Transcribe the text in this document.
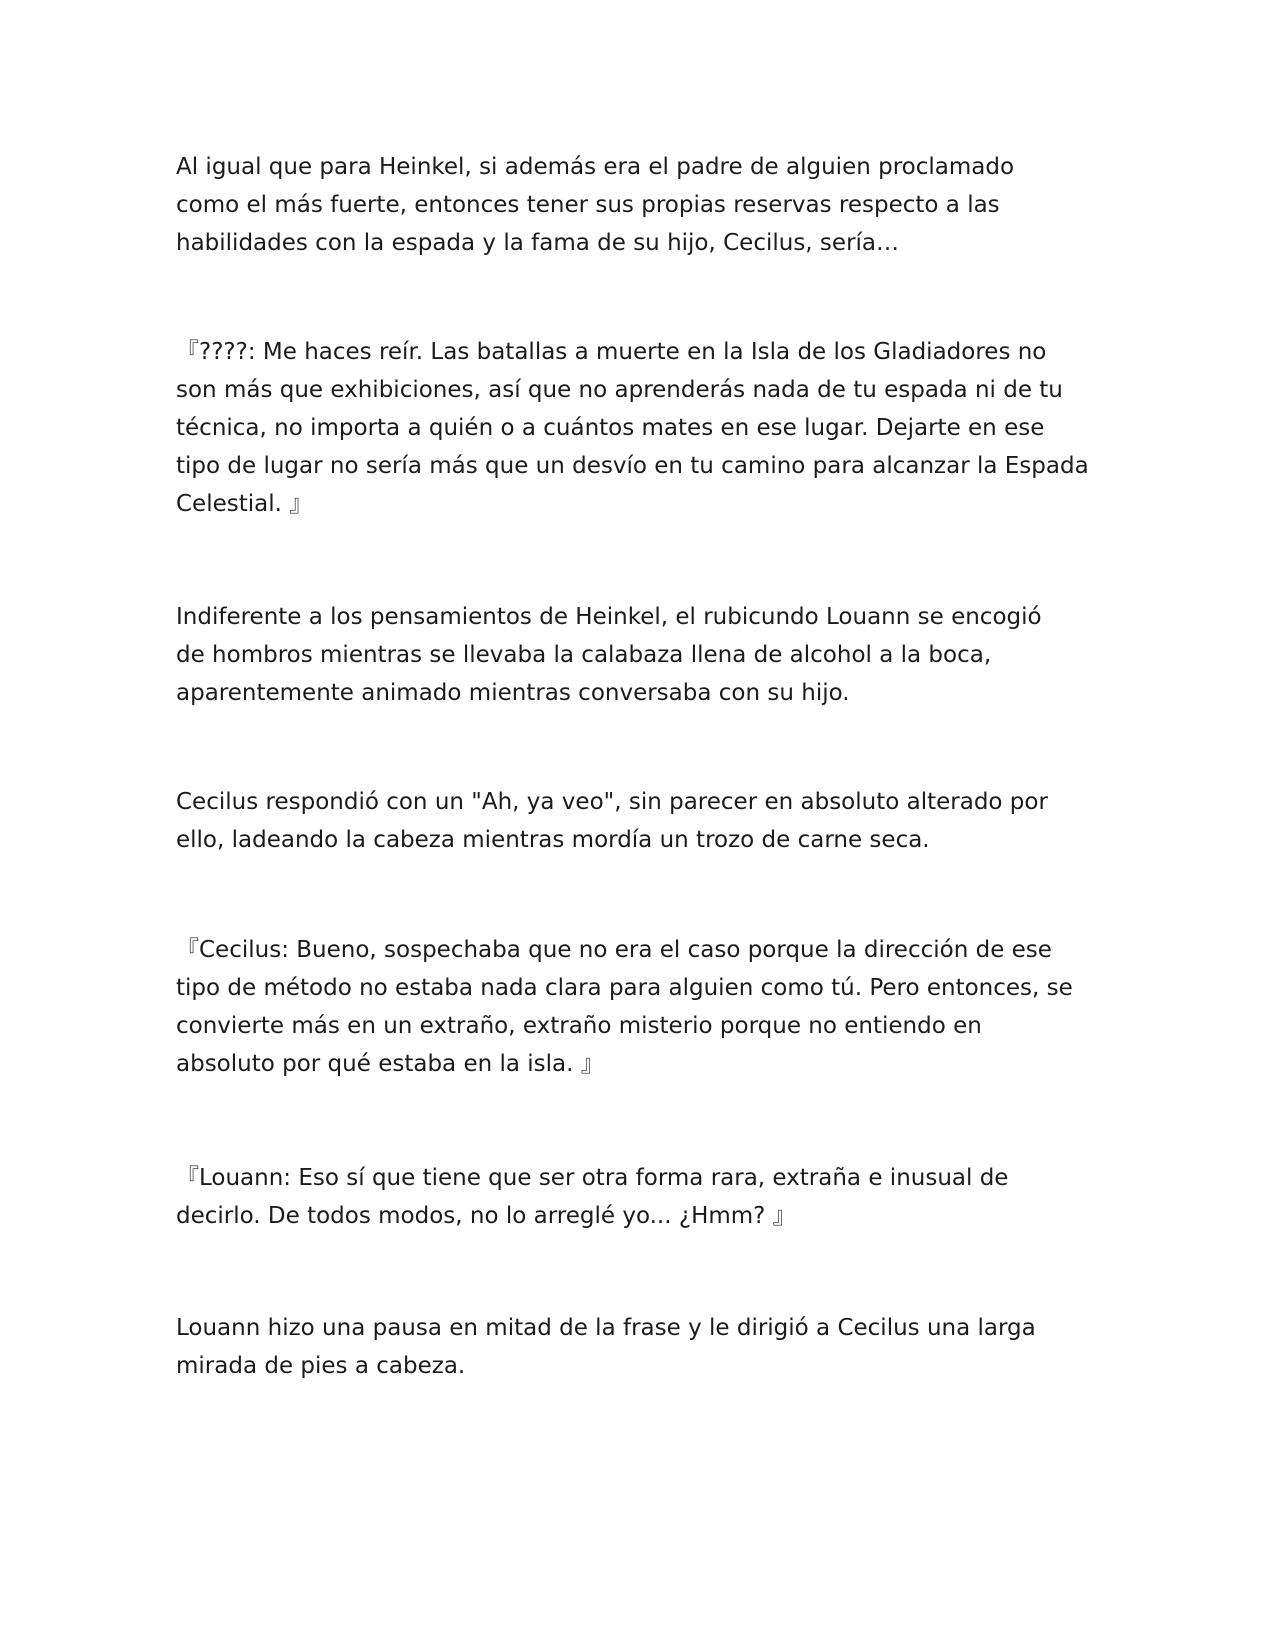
Al igual que para Heinkel, si además era el padre de alguien proclamado
como el más fuerte, entonces tener sus propias reservas respecto a las
habilidades con la espada y la fama de su hijo, Cecilus, sería…

『????: Me haces reír. Las batallas a muerte en la Isla de los Gladiadores no
son más que exhibiciones, así que no aprenderás nada de tu espada ni de tu
técnica, no importa a quién o a cuántos mates en ese lugar. Dejarte en ese
tipo de lugar no sería más que un desvío en tu camino para alcanzar la Espada
Celestial. 』

Indiferente a los pensamientos de Heinkel, el rubicundo Louann se encogió
de hombros mientras se llevaba la calabaza llena de alcohol a la boca,
aparentemente animado mientras conversaba con su hijo.

Cecilus respondió con un "Ah, ya veo", sin parecer en absoluto alterado por
ello, ladeando la cabeza mientras mordía un trozo de carne seca.

『Cecilus: Bueno, sospechaba que no era el caso porque la dirección de ese
tipo de método no estaba nada clara para alguien como tú. Pero entonces, se
convierte más en un extraño, extraño misterio porque no entiendo en
absoluto por qué estaba en la isla. 』

『Louann: Eso sí que tiene que ser otra forma rara, extraña e inusual de
decirlo. De todos modos, no lo arreglé yo... ¿Hmm? 』

Louann hizo una pausa en mitad de la frase y le dirigió a Cecilus una larga
mirada de pies a cabeza.
